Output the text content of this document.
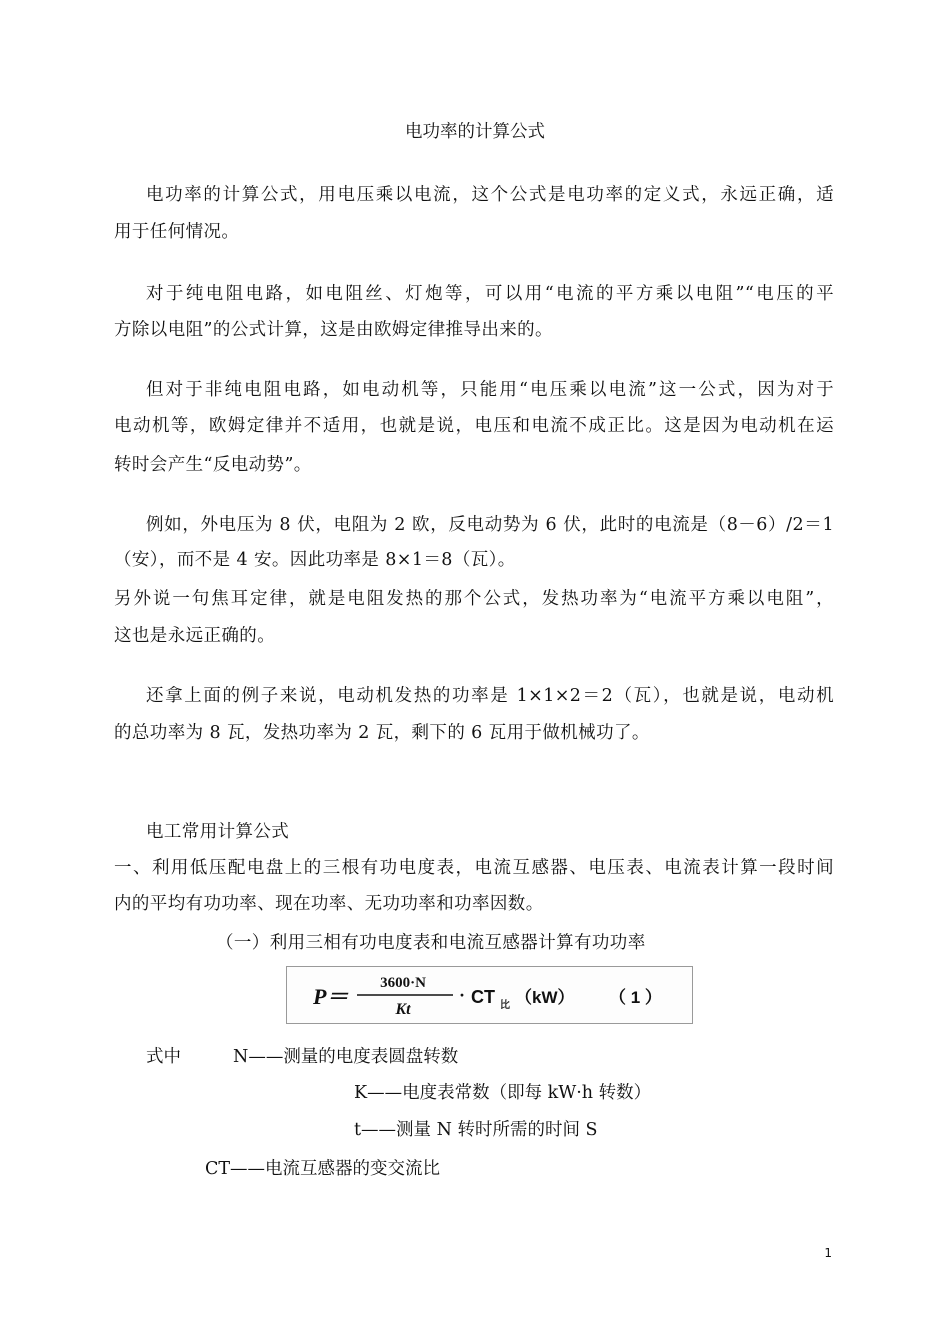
电功率的计算公式
电功率的计算公式，用电压乘以电流，这个公式是电功率的定义式，永远正确，适
用于任何情况。
对于纯电阻电路，如电阻丝、灯炮等，可以用“电流的平方乘以电阻”“电压的平
方除以电阻”的公式计算，这是由欧姆定律推导出来的。
但对于非纯电阻电路，如电动机等，只能用“电压乘以电流”这一公式，因为对于
电动机等，欧姆定律并不适用，也就是说，电压和电流不成正比。这是因为电动机在运
转时会产生“反电动势”。
例如，外电压为 8 伏，电阻为 2 欧，反电动势为 6 伏，此时的电流是（8－6）/2＝1
（安），而不是 4 安。因此功率是 8×1＝8（瓦）。
另外说一句焦耳定律，就是电阻发热的那个公式，发热功率为“电流平方乘以电阻”，
这也是永远正确的。
还拿上面的例子来说，电动机发热的功率是 1×1×2＝2（瓦），也就是说，电动机
的总功率为 8 瓦，发热功率为 2 瓦，剩下的 6 瓦用于做机械功了。
电工常用计算公式
一、利用低压配电盘上的三根有功电度表，电流互感器、电压表、电流表计算一段时间
内的平均有功功率、现在功率、无功功率和功率因数。
（一）利用三相有功电度表和电流互感器计算有功功率
P＝
3600·N
Kt
· CT 比 （kW） （ 1 ）
式中	N——测量的电度表圆盘转数
K——电度表常数（即每 kW·h 转数）
t——测量 N 转时所需的时间 S
CT——电流互感器的变交流比
1
